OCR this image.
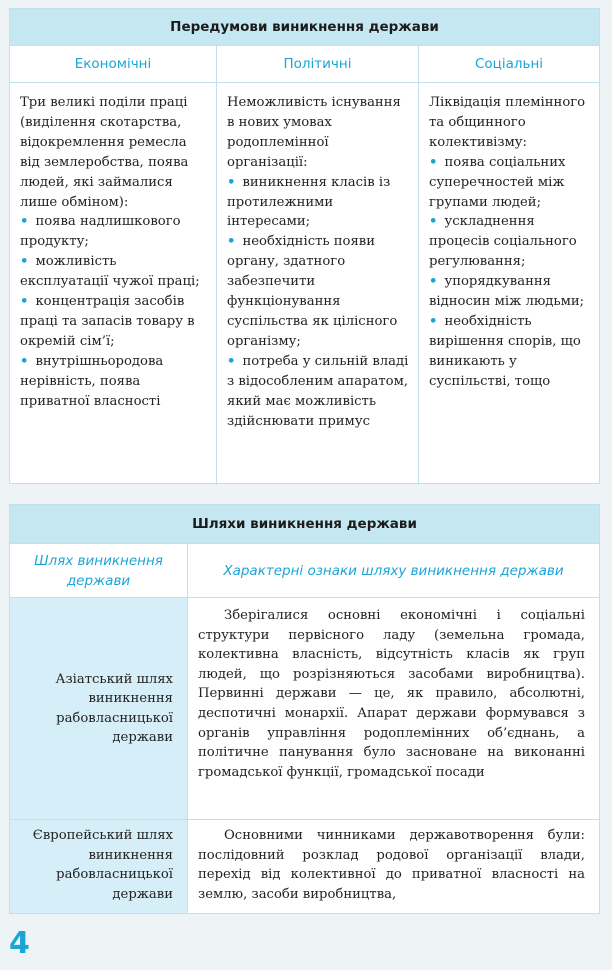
Передумови виникнення держави
Економічні
Три великі поділи праці (виділення скотарства, відокремлення ремесла від землеробства, поява людей, які займалися лише обміном):
• поява надлишкового продукту;
• можливість експлуатації чужої праці;
• концентрація засобів праці та запасів товару в окремій сім’ї;
• внутрішньородова нерівність, поява приватної власності
Політичні
Неможливість існування в нових умовах родоплемінної організації:
• виникнення класів із протилежними інтересами;
• необхідність появи органу, здатного забезпечити функціонування суспільства як цілісного організму;
• потреба у сильній владі з відособленим апаратом, який має можливість здійснювати примус
Соціальні
Ліквідація племінного та общинного колективізму:
• поява соціальних суперечностей між групами людей;
• ускладнення процесів соціального регулювання;
• упорядкування відносин між людьми;
• необхідність вирішення спорів, що виникають у суспільстві, тощо
Шляхи виникнення держави
Шлях виникнення держави
Характерні ознаки шляху виникнення держави
Азіатський шлях виникнення рабовласницької держави
Зберігалися основні економічні і соціальні структури первісного ладу (земельна громада, колективна власність, відсутність класів як груп людей, що розрізняються засобами виробництва). Первинні держави — це, як правило, абсолютні, деспотичні монархії. Апарат держави формувався з органів управління родоплемінних об’єднань, а політичне панування було засноване на виконанні громадської функції, громадської посади
Європейський шлях виникнення рабовласницької держави
Основними чинниками державотворення були: послідовний розклад родової організації влади, перехід від колективної до приватної власності на землю, засоби виробництва,
4
